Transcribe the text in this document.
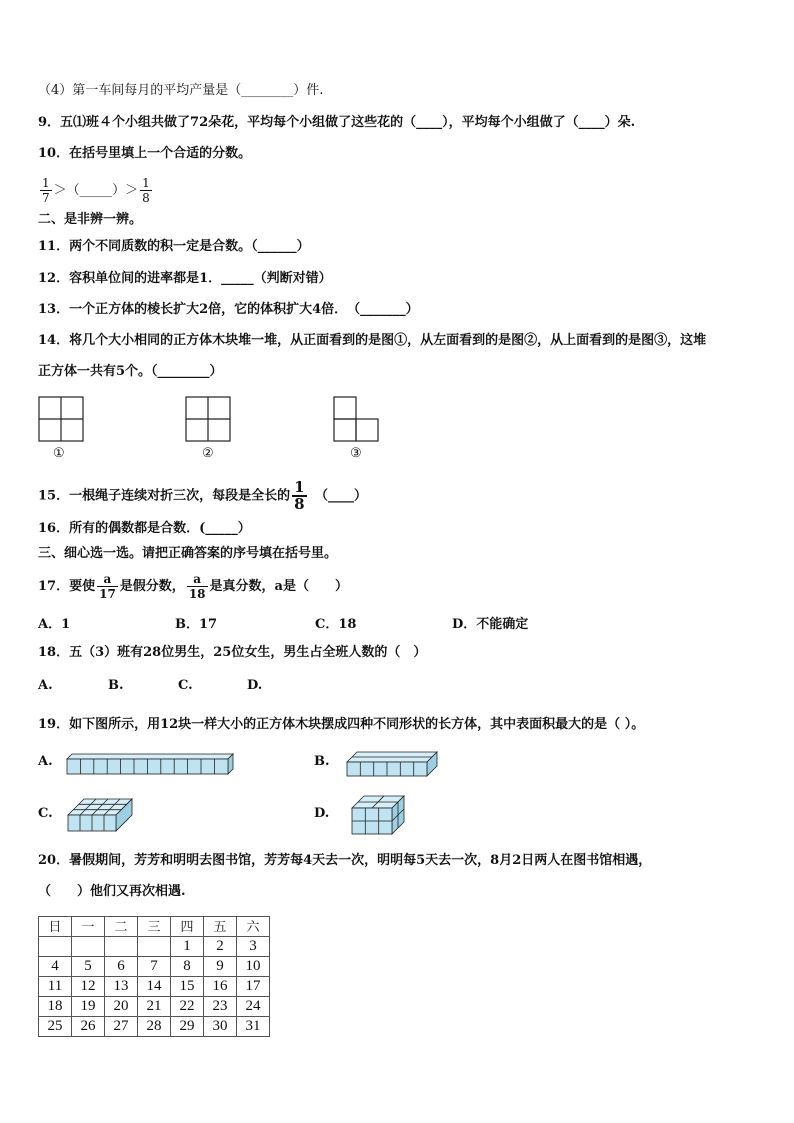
（4）第一车间每月的平均产量是（________）件.
9．五⑴班４个小组共做了72朵花，平均每个小组做了这些花的（____），平均每个小组做了（____）朵.
10．在括号里填上一个合适的分数。
$\frac{1}{7}$ ＞（_____）＞ $\frac{1}{8}$
二、是非辨一辨。
11．两个不同质数的积一定是合数。（______）
12．容积单位间的进率都是1．_____（判断对错）
13．一个正方体的棱长扩大2倍，它的体积扩大4倍．　（_______）
14．将几个大小相同的正方体木块堆一堆，从正面看到的是图①，从左面看到的是图②，从上面看到的是图③，这堆
正方体一共有5个。（________）
①	②	③
15．一根绳子连续对折三次，每段是全长的 $\frac{1}{8}$
　 （____）
16．所有的偶数都是合数．(_____）
三、细心选一选。请把正确答案的序号填在括号里。
17．要使 $\frac{a}{17}$ 是假分数， $\frac{a}{18}$ 是真分数，a是（　　）
A．1	B．17	C．18	D．不能确定
18．五（3）班有28位男生，25位女生，男生占全班人数的（　）
A.	B.	C.	D.
19．如下图所示，用12块一样大小的正方体木块摆成四种不同形状的长方体，其中表面积最大的是（ ）。
A.	B.
C.	D.
20．暑假期间，芳芳和明明去图书馆，芳芳每4天去一次，明明每5天去一次，8月2日两人在图书馆相遇，
（　　）他们又再次相遇.
日	一	二	三	四	五	六
				1	2	3
4	5	6	7	8	9	10
11	12	13	14	15	16	17
18	19	20	21	22	23	24
25	26	27	28	29	30	31
